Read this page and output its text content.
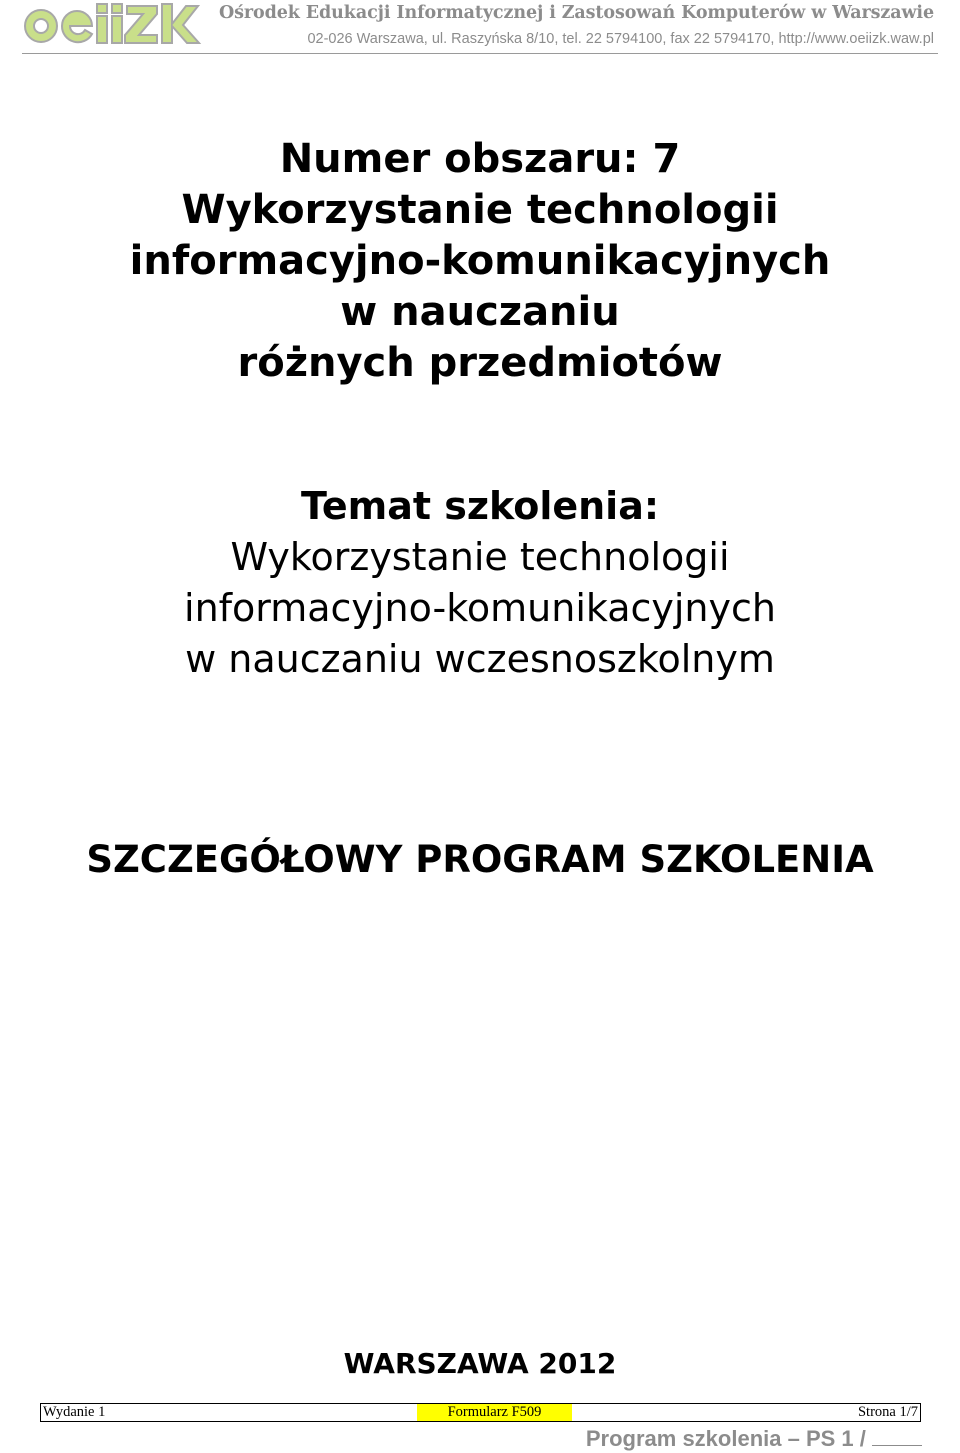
Ośrodek Edukacji Informatycznej i Zastosowań Komputerów w Warszawie
02-026 Warszawa, ul. Raszyńska 8/10, tel. 22 5794100, fax 22 5794170, http://www.oeiizk.waw.pl
Numer obszaru: 7
Wykorzystanie technologii
informacyjno-komunikacyjnych
w nauczaniu
różnych przedmiotów
Temat szkolenia:
Wykorzystanie technologii
informacyjno-komunikacyjnych
w nauczaniu wczesnoszkolnym
SZCZEGÓŁOWY PROGRAM SZKOLENIA
WARSZAWA 2012
Wydanie 1	Formularz F509	Strona 1/7
Program szkolenia – PS 1 /
